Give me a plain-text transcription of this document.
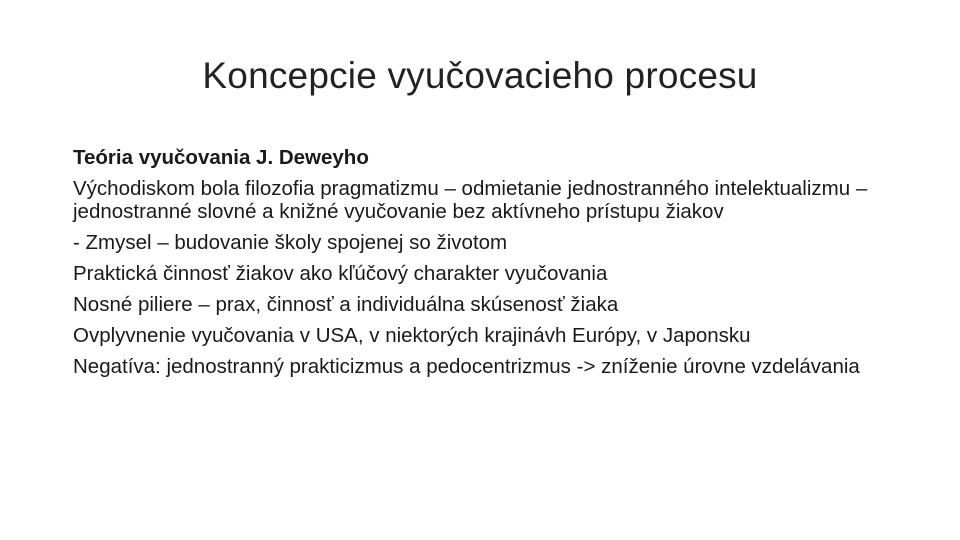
Koncepcie vyučovacieho procesu

Teória vyučovania J. Deweyho

Východiskom bola filozofia pragmatizmu – odmietanie jednostranného intelektualizmu – jednostranné slovné a knižné vyučovanie bez aktívneho prístupu žiakov

- Zmysel – budovanie školy spojenej so životom

Praktická činnosť žiakov ako kľúčový charakter vyučovania

Nosné piliere – prax, činnosť a individuálna skúsenosť žiaka

Ovplyvnenie vyučovania v USA, v niektorých krajinávh Európy, v Japonsku

Negatíva: jednostranný prakticizmus a pedocentrizmus -> zníženie úrovne vzdelávania
